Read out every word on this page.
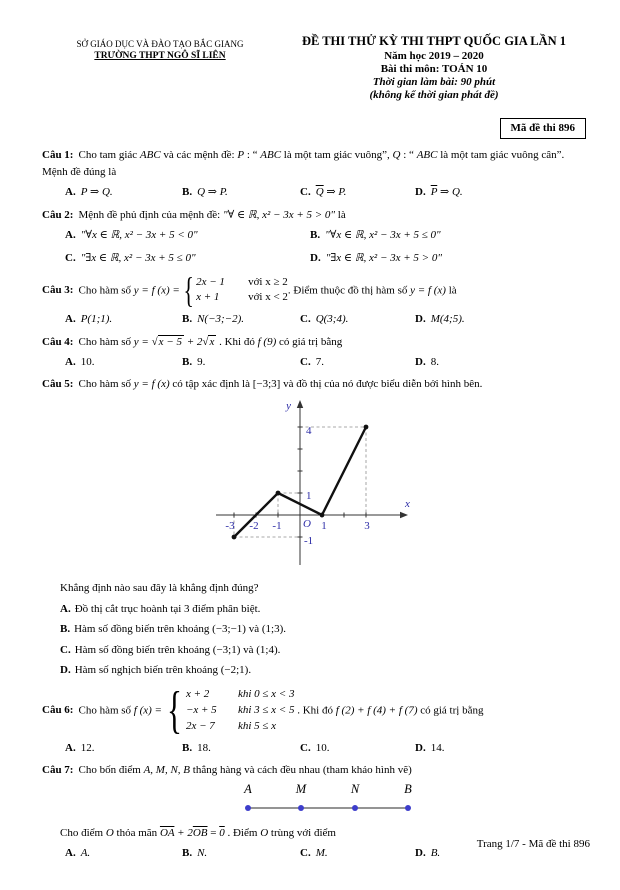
SỞ GIÁO DỤC VÀ ĐÀO TẠO BẮC GIANG
TRƯỜNG THPT NGÔ SĨ LIÊN
ĐỀ THI THỬ KỲ THI THPT QUỐC GIA LẦN 1
Năm học 2019 – 2020
Bài thi môn: TOÁN 10
Thời gian làm bài: 90 phút
(không kể thời gian phát đề)
Mã đề thi 896

Câu 1: Cho tam giác ABC và các mệnh đề: P : “ ABC là một tam giác vuông”, Q : “ ABC là một tam giác vuông cân”. Mệnh đề đúng là

A. P ⇒ Q.	B. Q ⇒ P.	C. $\overline{Q}$ ⇒ P.	D. $\overline{P}$ ⇒ Q.

Câu 2: Mệnh đề phủ định của mệnh đề: "∀ ∈ ℝ, x² − 3x + 5 > 0" là

A. "∀x ∈ ℝ, x² − 3x + 5 < 0"	B. "∀x ∈ ℝ, x² − 3x + 5 ≤ 0"
C. "∃x ∈ ℝ, x² − 3x + 5 ≤ 0"	D. "∃x ∈ ℝ, x² − 3x + 5 > 0"

Câu 3: Cho hàm số y = f (x) = { 2x − 1	với x ≥ 2
x + 1	với x < 2
. Điểm thuộc đồ thị hàm số y = f (x) là

A. P(1;1).	B. N(−3;−2).	C. Q(3;4).	D. M(4;5).

Câu 4: Cho hàm số y = √x − 5 + 2√x . Khi đó f (9) có giá trị bằng

A. 10.	B. 9.	C. 7.	D. 8.

Câu 5: Cho hàm số y = f (x) có tập xác định là [−3;3] và đồ thị của nó được biểu diễn bởi hình bên.

y
x
O
-3 -2 -1	1	3
4
1
-1

Khẳng định nào sau đây là khẳng định đúng?

A. Đồ thị cắt trục hoành tại 3 điểm phân biệt.

B. Hàm số đồng biến trên khoảng (−3;−1) và (1;3).

C. Hàm số đồng biến trên khoảng (−3;1) và (1;4).

D. Hàm số nghịch biến trên khoảng (−2;1).

Câu 6: Cho hàm số f (x) = { x + 2	khi 0 ≤ x < 3
−x + 5	khi 3 ≤ x < 5
2x − 7	khi 5 ≤ x
. Khi đó f (2) + f (4) + f (7) có giá trị bằng

A. 12.	B. 18.	C. 10.	D. 14.

Câu 7: Cho bốn điểm A, M, N, B thẳng hàng và cách đều nhau (tham khảo hình vẽ)

A	M	N	B

Cho điểm O thỏa mãn $\overline{OA} + 2\overline{OB} = 0$ . Điểm O trùng với điểm

A. A.	B. N.	C. M.	D. B.
Trang 1/7 - Mã đề thi 896
